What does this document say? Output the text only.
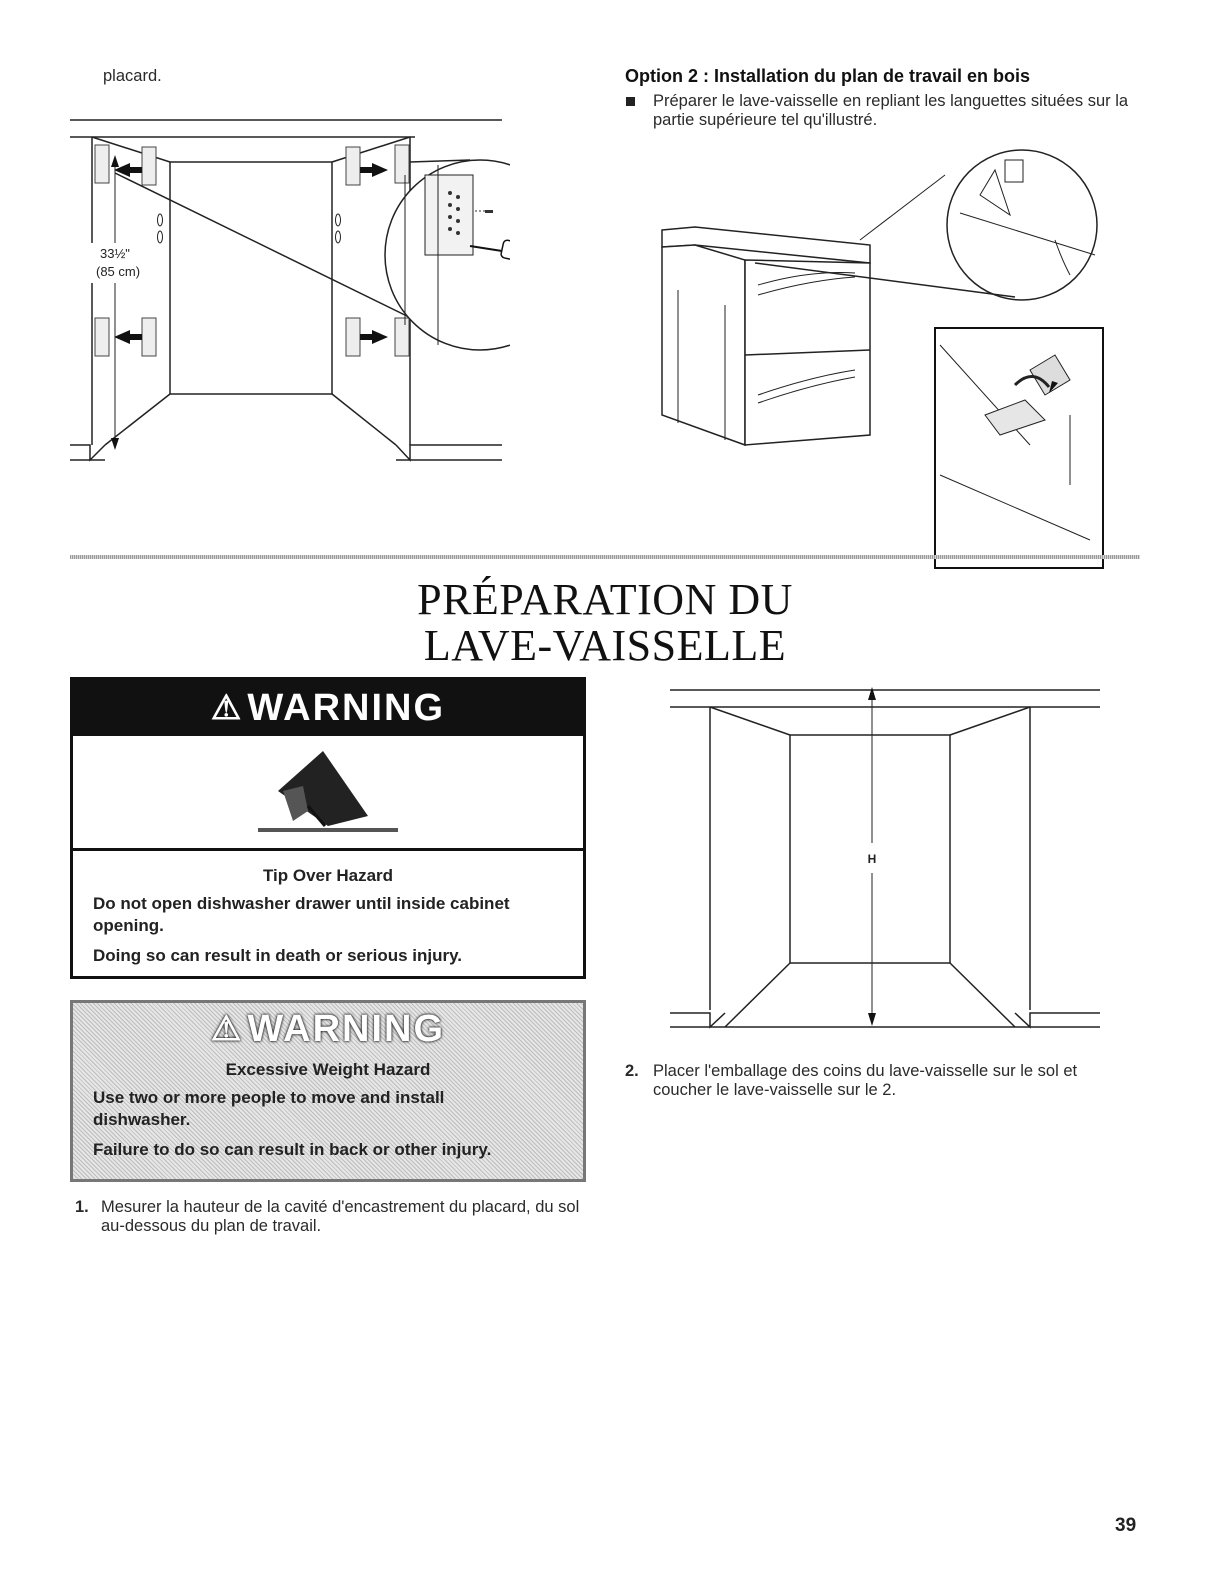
placard.
33½"
(85 cm)
Option 2 : Installation du plan de travail en bois
Préparer le lave-vaisselle en repliant les languettes situées sur la partie supérieure tel qu'illustré.
PRÉPARATION DU
LAVE-VAISSELLE
⚠ WARNING
Tip Over Hazard
Do not open dishwasher drawer until inside cabinet opening.
Doing so can result in death or serious injury.
⚠ WARNING
Excessive Weight Hazard
Use two or more people to move and install dishwasher.
Failure to do so can result in back or other injury.
1. Mesurer la hauteur de la cavité d'encastrement du placard, du sol au-dessous du plan de travail.
H
2. Placer l'emballage des coins du lave-vaisselle sur le sol et coucher le lave-vaisselle sur le 2.
39
